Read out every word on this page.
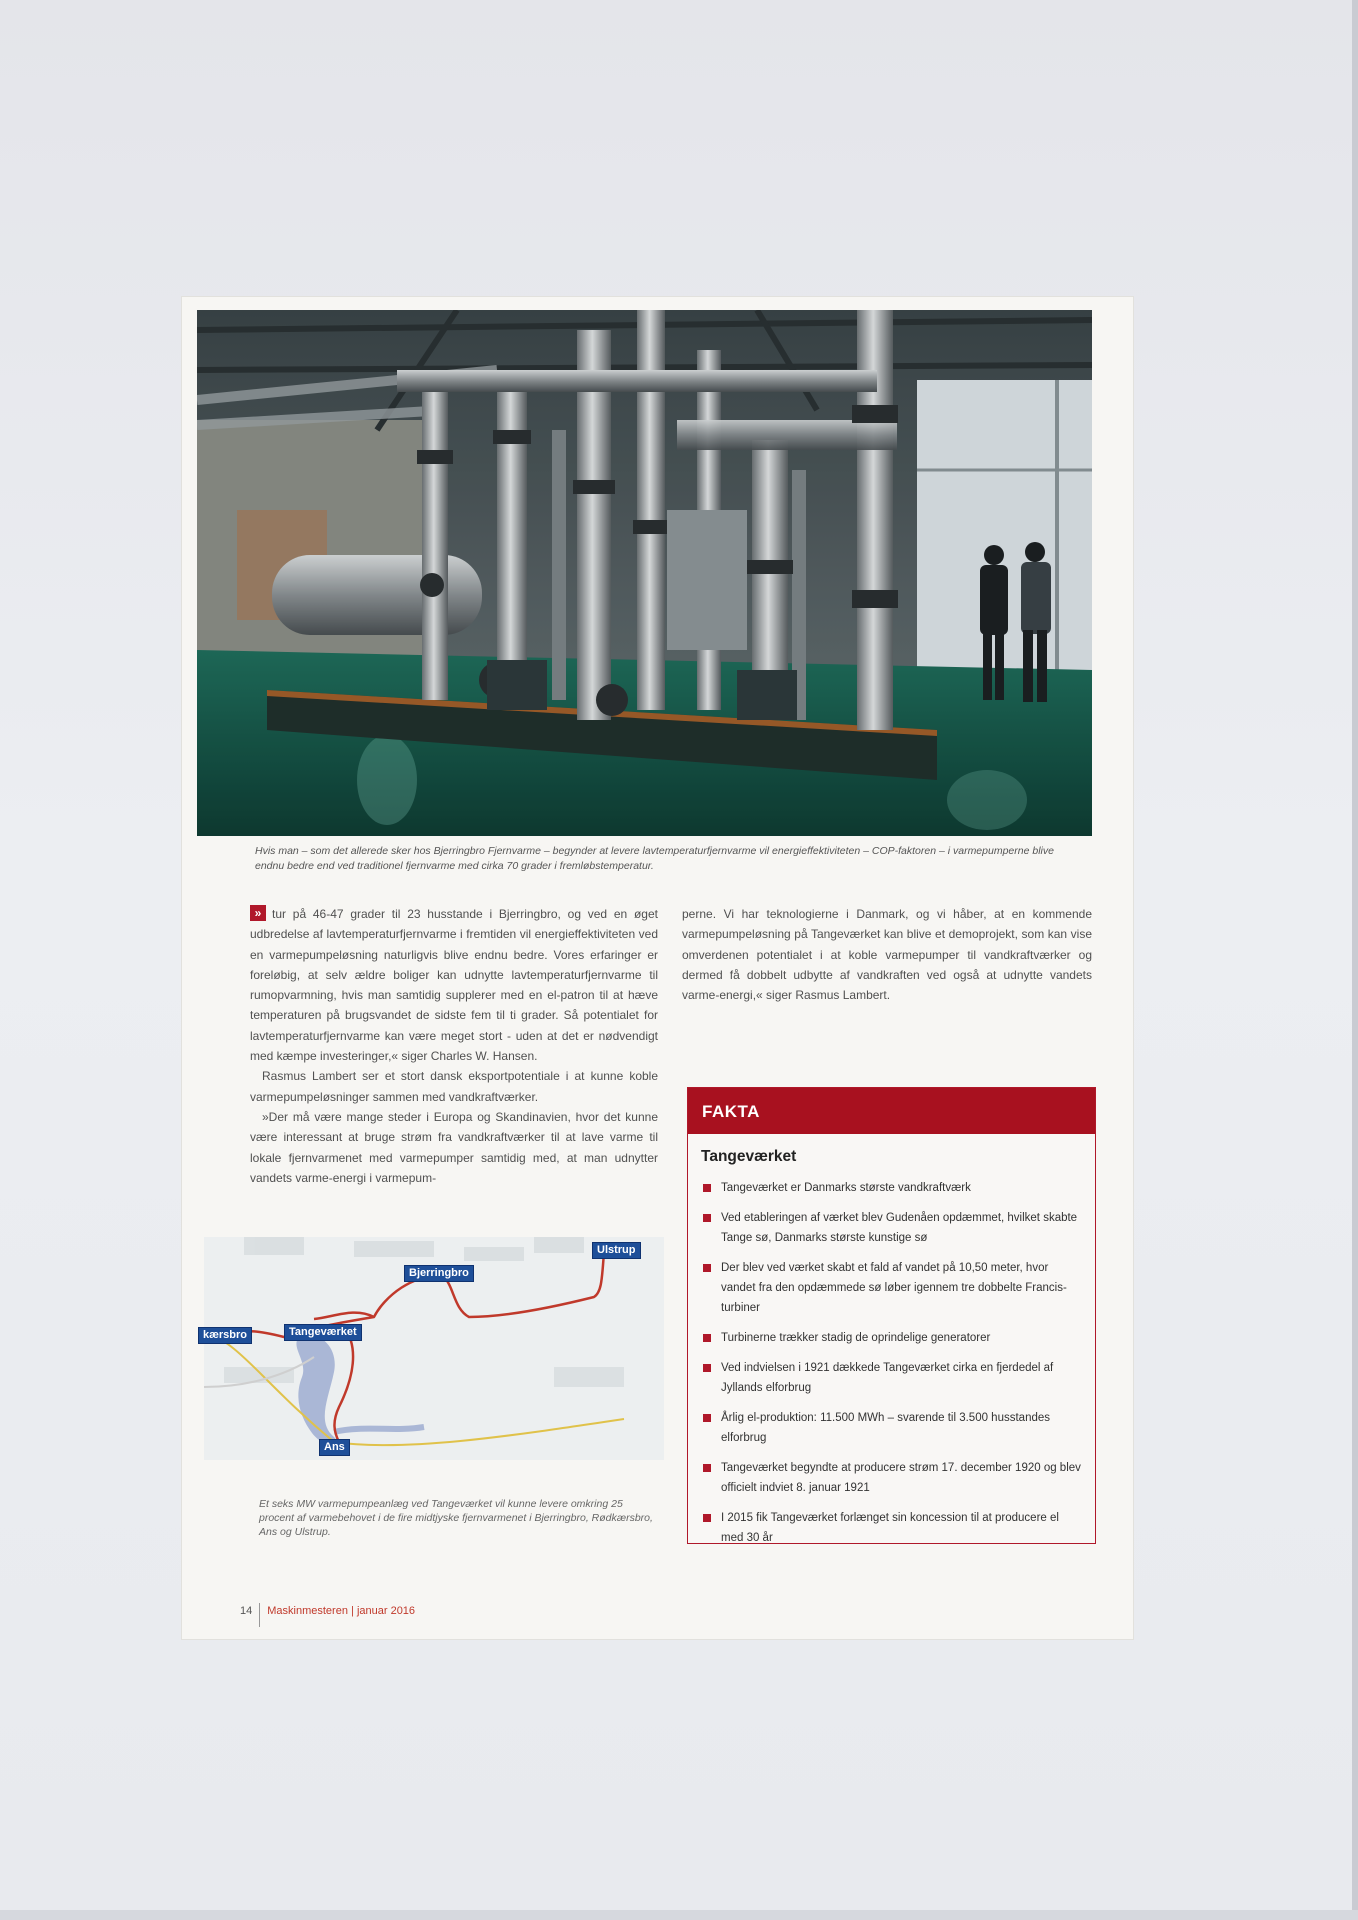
Hvis man – som det allerede sker hos Bjerringbro Fjernvarme – begynder at levere lavtemperaturfjernvarme vil energieffektiviteten – COP-faktoren – i varmepumperne blive endnu bedre end ved traditionel fjernvarme med cirka 70 grader i fremløbstemperatur.

» tur på 46-47 grader til 23 husstande i Bjerringbro, og ved en øget udbredelse af lavtemperaturfjernvarme i fremtiden vil energieffektiviteten ved en varmepumpeløsning naturligvis blive endnu bedre. Vores erfaringer er foreløbig, at selv ældre boliger kan udnytte lavtemperaturfjernvarme til rumopvarmning, hvis man samtidig supplerer med en el-patron til at hæve temperaturen på brugsvandet de sidste fem til ti grader. Så potentialet for lavtemperaturfjernvarme kan være meget stort - uden at det er nødvendigt med kæmpe investeringer,« siger Charles W. Hansen.

Rasmus Lambert ser et stort dansk eksportpotentiale i at kunne koble varmepumpeløsninger sammen med vandkraftværker.

»Der må være mange steder i Europa og Skandinavien, hvor det kunne være interessant at bruge strøm fra vandkraftværker til at lave varme til lokale fjernvarmenet med varmepumper samtidig med, at man udnytter vandets varme-energi i varmepum-

perne. Vi har teknologierne i Danmark, og vi håber, at en kommende varmepumpeløsning på Tangeværket kan blive et demoprojekt, som kan vise omverdenen potentialet i at koble varmepumper til vandkraftværker og dermed få dobbelt udbytte af vandkraften ved også at udnytte vandets varme-energi,« siger Rasmus Lambert.

Ulstrup
Bjerringbro
kærsbro	Tangeværket
Ans
Et seks MW varmepumpeanlæg ved Tangeværket vil kunne levere omkring 25 procent af varmebehovet i de fire midtjyske fjernvarmenet i Bjerringbro, Rødkærsbro, Ans og Ulstrup.
FAKTA
Tangeværket
Tangeværket er Danmarks største vandkraftværk
Ved etableringen af værket blev Gudenåen opdæmmet, hvilket skabte Tange sø, Danmarks største kunstige sø
Der blev ved værket skabt et fald af vandet på 10,50 meter, hvor vandet fra den opdæmmede sø løber igennem tre dobbelte Francis-turbiner
Turbinerne trækker stadig de oprindelige generatorer
Ved indvielsen i 1921 dækkede Tangeværket cirka en fjerdedel af Jyllands elforbrug
Årlig el-produktion: 11.500 MWh – svarende til 3.500 husstandes elforbrug
Tangeværket begyndte at producere strøm 17. december 1920 og blev officielt indviet 8. januar 1921
I 2015 fik Tangeværket forlænget sin koncession til at producere el med 30 år
14 Maskinmesteren | januar 2016
